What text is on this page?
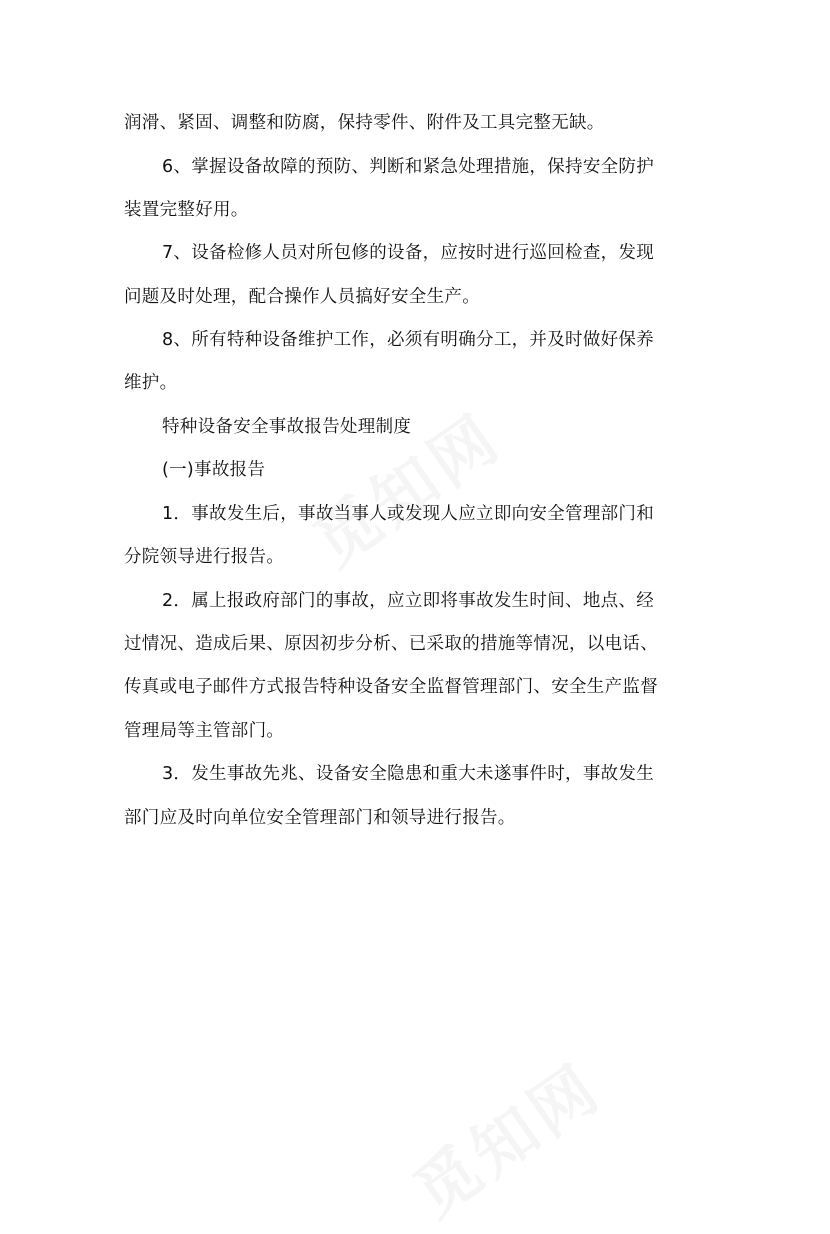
润滑、紧固、调整和防腐，保持零件、附件及工具完整无缺。
6、掌握设备故障的预防、判断和紧急处理措施，保持安全防护
装置完整好用。
7、设备检修人员对所包修的设备，应按时进行巡回检查，发现
问题及时处理，配合操作人员搞好安全生产。
8、所有特种设备维护工作，必须有明确分工，并及时做好保养
维护。
特种设备安全事故报告处理制度
(一)事故报告
1．事故发生后，事故当事人或发现人应立即向安全管理部门和
分院领导进行报告。
2．属上报政府部门的事故，应立即将事故发生时间、地点、经
过情况、造成后果、原因初步分析、已采取的措施等情况，以电话、
传真或电子邮件方式报告特种设备安全监督管理部门、安全生产监督
管理局等主管部门。
3．发生事故先兆、设备安全隐患和重大未遂事件时，事故发生
部门应及时向单位安全管理部门和领导进行报告。
